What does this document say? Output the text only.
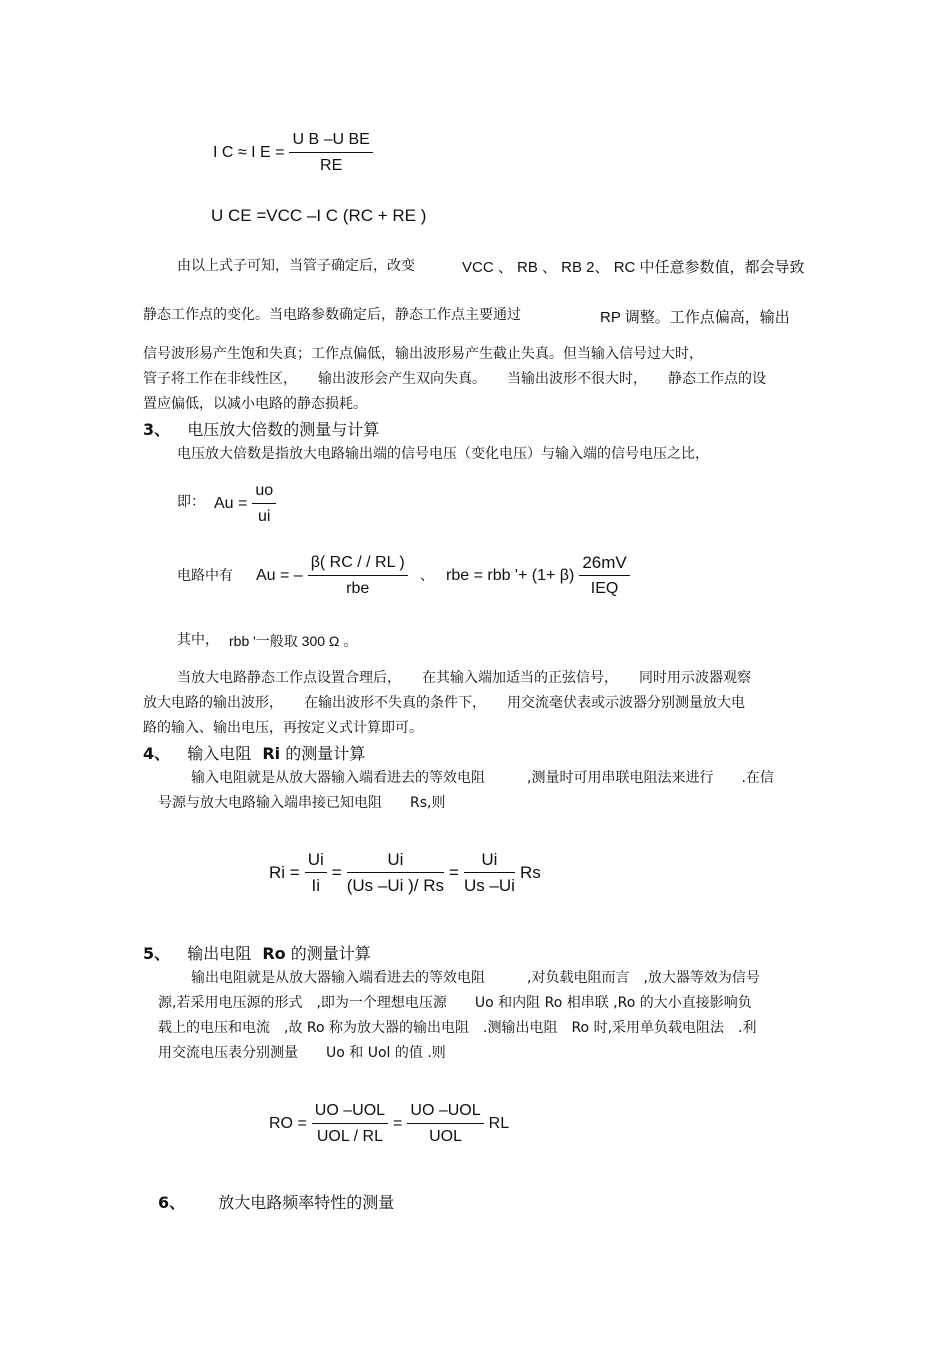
I C ≈ I $E = \frac{\text{U B –U BE}}{RE}$
U CE =VCC –I C (RC + RE )
由以上式子可知，当管子确定后，改变	VCC 、 RB 、 RB 2、 RC 中任意参数值，都会导致
静态工作点的变化。当电路参数确定后，静态工作点主要通过	RP 调整。工作点偏高，输出
信号波形易产生饱和失真；工作点偏低，输出波形易产生截止失真。但当输入信号过大时，
管子将工作在非线性区，　　输出波形会产生双向失真。　　当输出波形不很大时，　　静态工作点的设
置应偏低，以减小电路的静态损耗。
3、 电压放大倍数的测量与计算
电压放大倍数是指放大电路输出端的信号电压（变化电压）与输入端的信号电压之比，
即： $Au = \frac{uo}{ui}$
电路中有 Au = – $\frac{\beta( RC / / RL )}{\text{rbe}}$ 、 rbe = rbb '+ $(1+ \beta) \frac{26mV}{\text{IEQ}}$
其中， rbb '一般取 300 Ω 。
当放大电路静态工作点设置合理后，　　在其输入端加适当的正弦信号，　　同时用示波器观察
放大电路的输出波形，　　在输出波形不失真的条件下，　　用交流毫伏表或示波器分别测量放大电
路的输入、输出电压，再按定义式计算即可。
4、 输入电阻 Ri 的测量计算
输入电阻就是从放大器输入端看进去的等效电阻　　　,测量时可用串联电阻法来进行　　.在信
号源与放大电路输入端串接已知电阻　　Rs,则
$Ri = \frac{Ui}{Ii} = \frac{Ui}{(Us -Ui )/ Rs} = \frac{Ui}{Us -Ui}$ Rs
5、 输出电阻 Ro 的测量计算
输出电阻就是从放大器输入端看进去的等效电阻　　　,对负载电阻而言　,放大器等效为信号
源,若采用电压源的形式　,即为一个理想电压源　　Uo 和内阻 Ro 相串联 ,Ro 的大小直接影响负
载上的电压和电流　,故 Ro 称为放大器的输出电阻　.测输出电阻　Ro 时,采用单负载电阻法　.利
用交流电压表分别测量　　Uo 和 Uol 的值 .则
RO = $\frac{\text{UO –UOL}}{\text{UOL / RL}} = \frac{\text{UO –UOL}}{\text{UOL}}$ RL
6、 放大电路频率特性的测量
